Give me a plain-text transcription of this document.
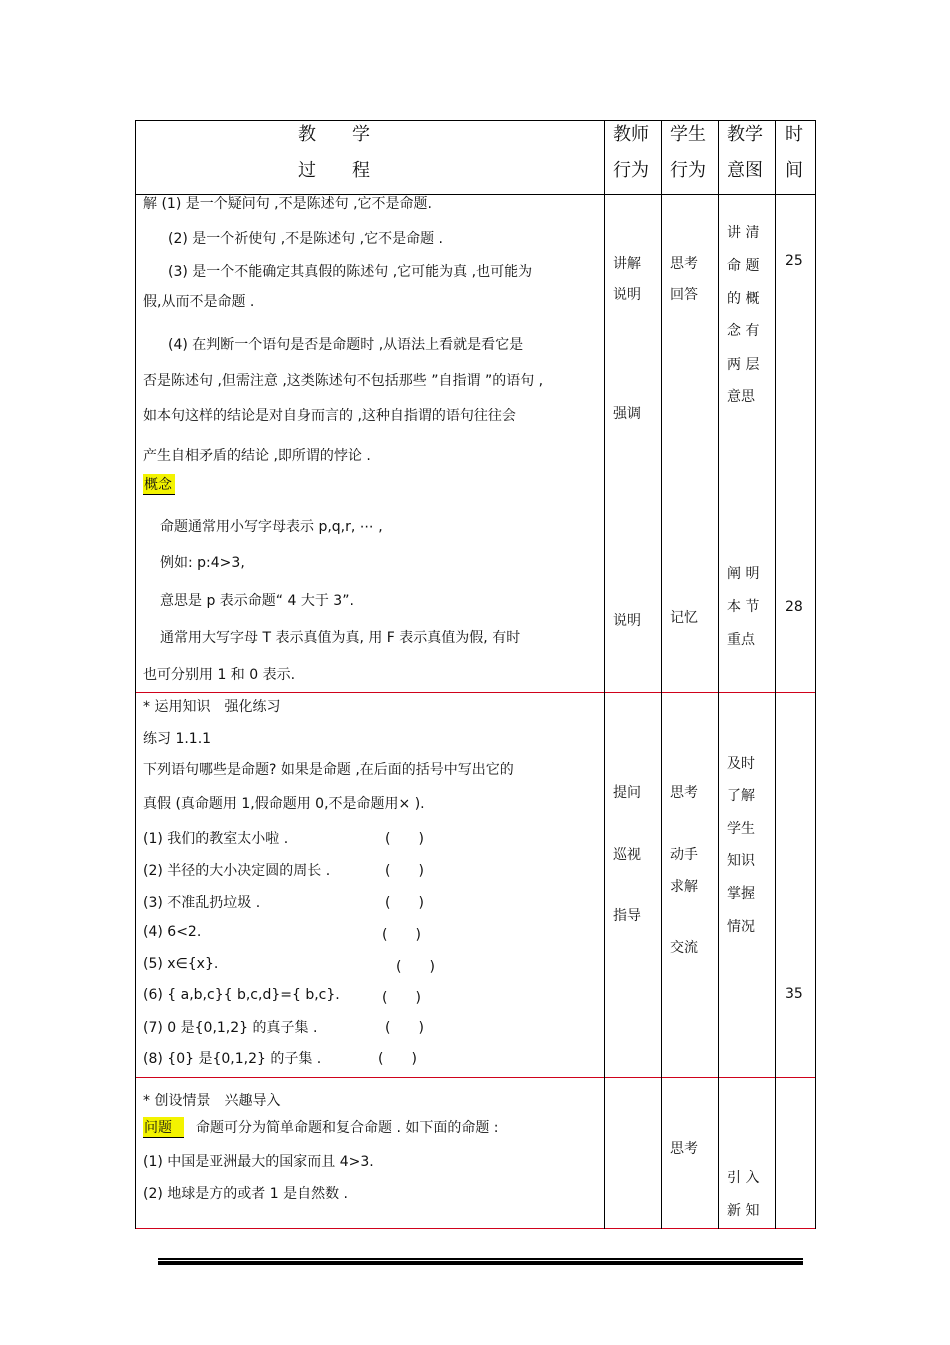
教　　学
过　　程
教师
行为
学生
行为
教学
意图
时
间
解 (1) 是一个疑问句 ,不是陈述句 ,它不是命题.
(2) 是一个祈使句 ,不是陈述句 ,它不是命题 .
(3) 是一个不能确定其真假的陈述句 ,它可能为真 ,也可能为
假,从而不是命题 .
(4) 在判断一个语句是否是命题时 ,从语法上看就是看它是
否是陈述句 ,但需注意 ,这类陈述句不包括那些 ”自指谓 ”的语句 ,
如本句这样的结论是对自身而言的 ,这种自指谓的语句往往会
产生自相矛盾的结论 ,即所谓的悖论 .
概念
命题通常用小写字母表示 p,q,r, ⋯ ,
例如: p:4>3,
意思是 p 表示命题“ 4 大于 3”.
通常用大写字母 T 表示真值为真, 用 F 表示真值为假, 有时
也可分别用 1 和 0 表示.
讲解
说明
强调
说明
思考
回答
记忆
讲 清
命 题
的 概
念 有
两 层
意思
阐 明
本 节
重点
25
28
* 运用知识　强化练习
练习 1.1.1
下列语句哪些是命题? 如果是命题 ,在后面的括号中写出它的
真假 (真命题用 1,假命题用 0,不是命题用× ).
(1) 我们的教室太小啦 .
(2) 半径的大小决定圆的周长 .
(3) 不准乱扔垃圾 .
(4) 6<2.
(5) x∈{x}.
(6) { a,b,c}{ b,c,d}={ b,c}.
(7) 0 是{0,1,2} 的真子集 .
(8) {0} 是{0,1,2} 的子集 .
(　　)
(　　)
(　　)
(　　)
(　　)
(　　)
(　　)
(　　)
提问
巡视
指导
思考
动手
求解
交流
及时
了解
学生
知识
掌握
情况
35
* 创设情景　兴趣导入
问题	命题可分为简单命题和复合命题 . 如下面的命题 :
(1) 中国是亚洲最大的国家而且 4>3.
(2) 地球是方的或者 1 是自然数 .
思考
引 入
新 知
